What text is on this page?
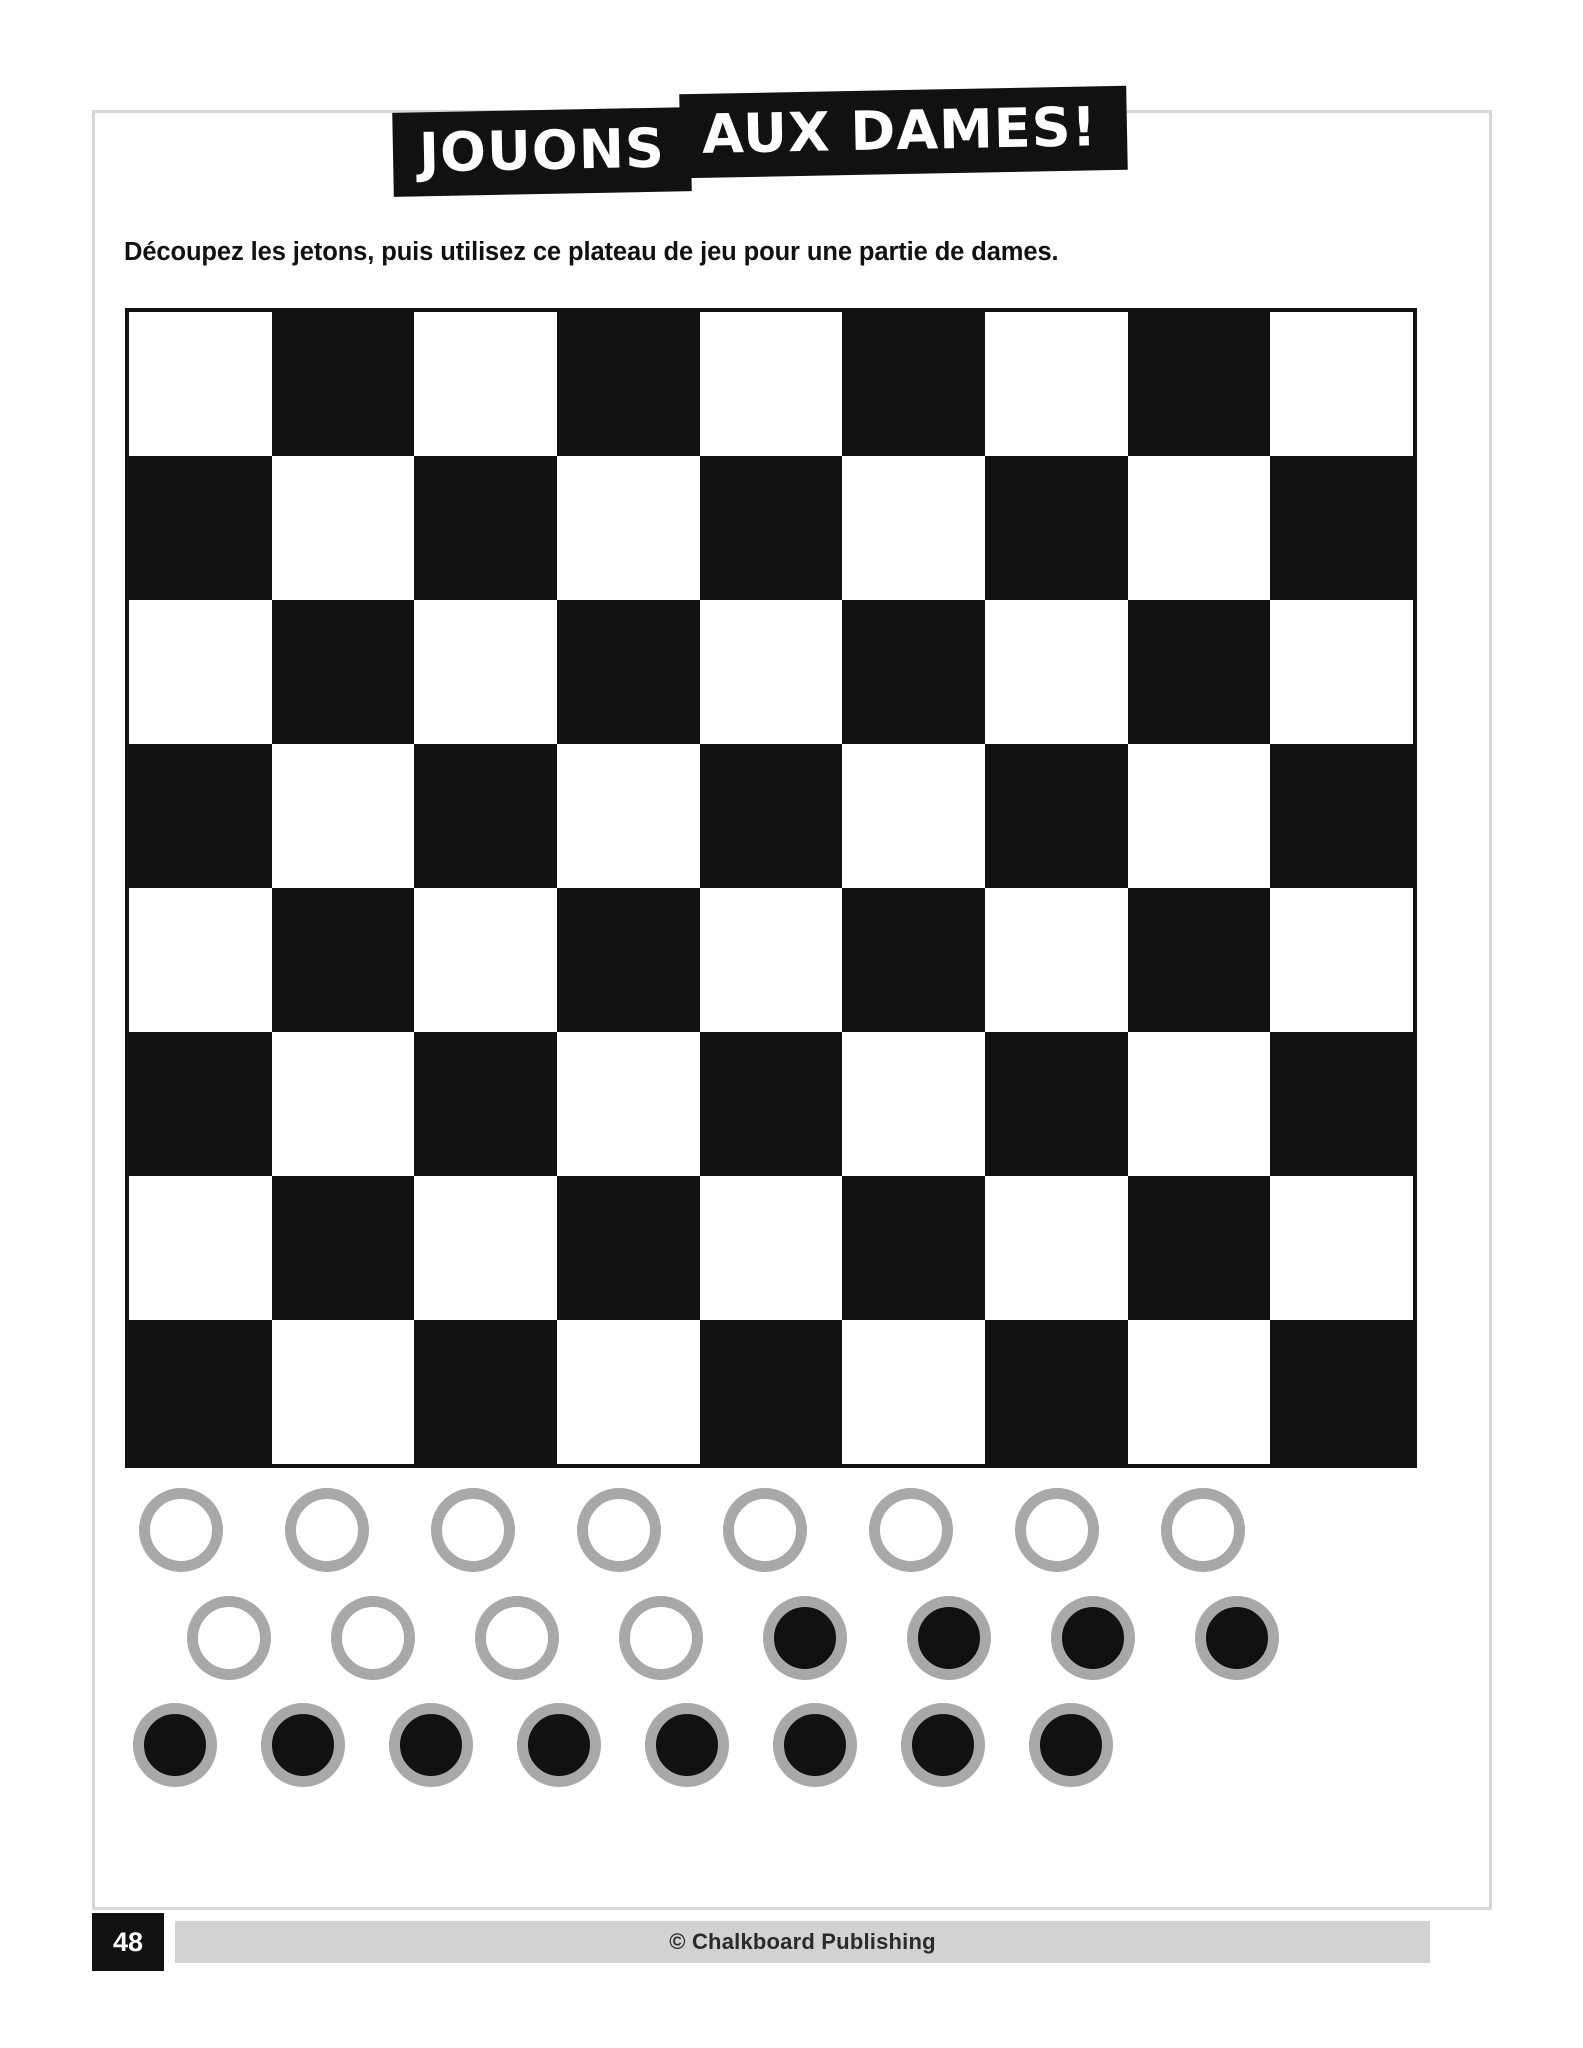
JOUONS AUX DAMES!
Découpez les jetons, puis utilisez ce plateau de jeu pour une partie de dames.
© Chalkboard Publishing
48
